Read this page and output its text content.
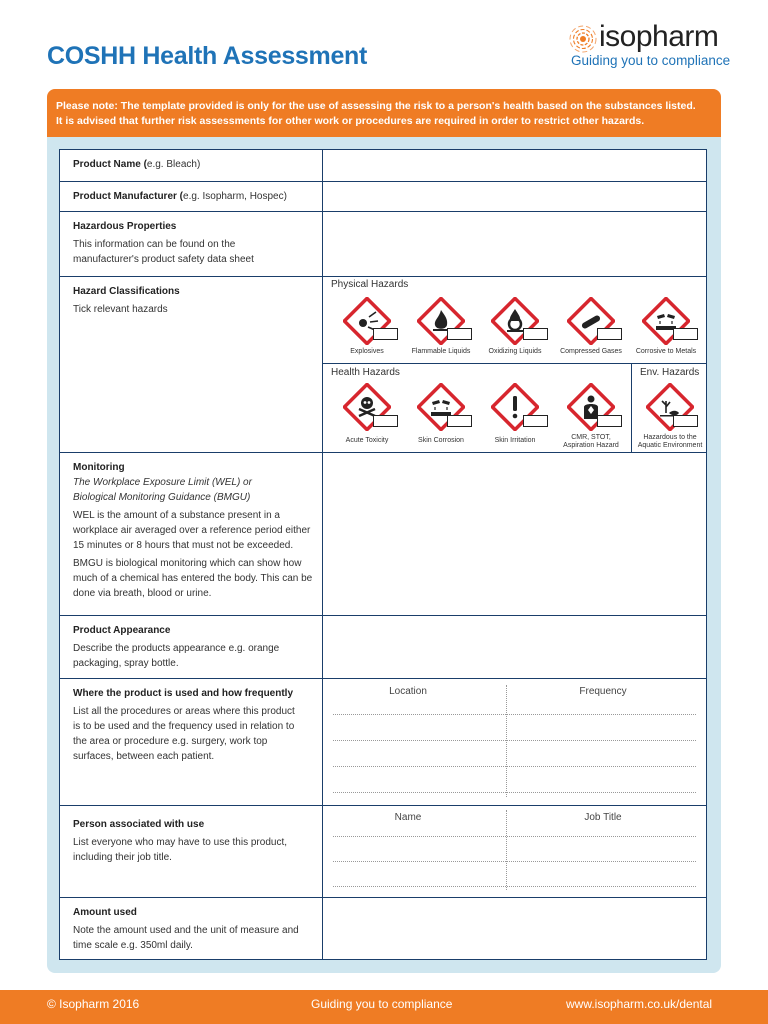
COSHH Health Assessment
isopharm
Guiding you to compliance
Please note: The template provided is only for the use of assessing the risk to a person's health based on the substances listed.
It is advised that further risk assessments for other work or procedures are required in order to restrict other hazards.
Product Name (e.g. Bleach)
Product Manufacturer (e.g. Isopharm, Hospec)
Hazardous Properties
This information can be found on the manufacturer's product safety data sheet
Hazard Classifications
Tick relevant hazards
Physical Hazards
Health Hazards	Env. Hazards
Explosives	Flammable Liquids	Oxidizing Liquids	Compressed Gases	Corrosive to Metals
Acute Toxicity	Skin Corrosion	Skin Irritation	CMR, STOT,
Aspiration Hazard
Hazardous to the
Aquatic Environment
Monitoring
The Workplace Exposure Limit (WEL) or Biological Monitoring Guidance (BMGU)
WEL is the amount of a substance present in a workplace air averaged over a reference period either 15 minutes or 8 hours that must not be exceeded.
BMGU is biological monitoring which can show how much of a chemical has entered the body. This can be done via breath, blood or urine.
Product Appearance
Describe the products appearance e.g. orange packaging, spray bottle.
Where the product is used and how frequently
List all the procedures or areas where this product is to be used and the frequency used in relation to the area or procedure e.g. surgery, work top surfaces, between each patient.
Location	Frequency
Person associated with use
List everyone who may have to use this product, including their job title.
Name	Job Title
Amount used
Note the amount used and the unit of measure and time scale e.g. 350ml daily.
© Isopharm 2016	Guiding you to compliance	www.isopharm.co.uk/dental
